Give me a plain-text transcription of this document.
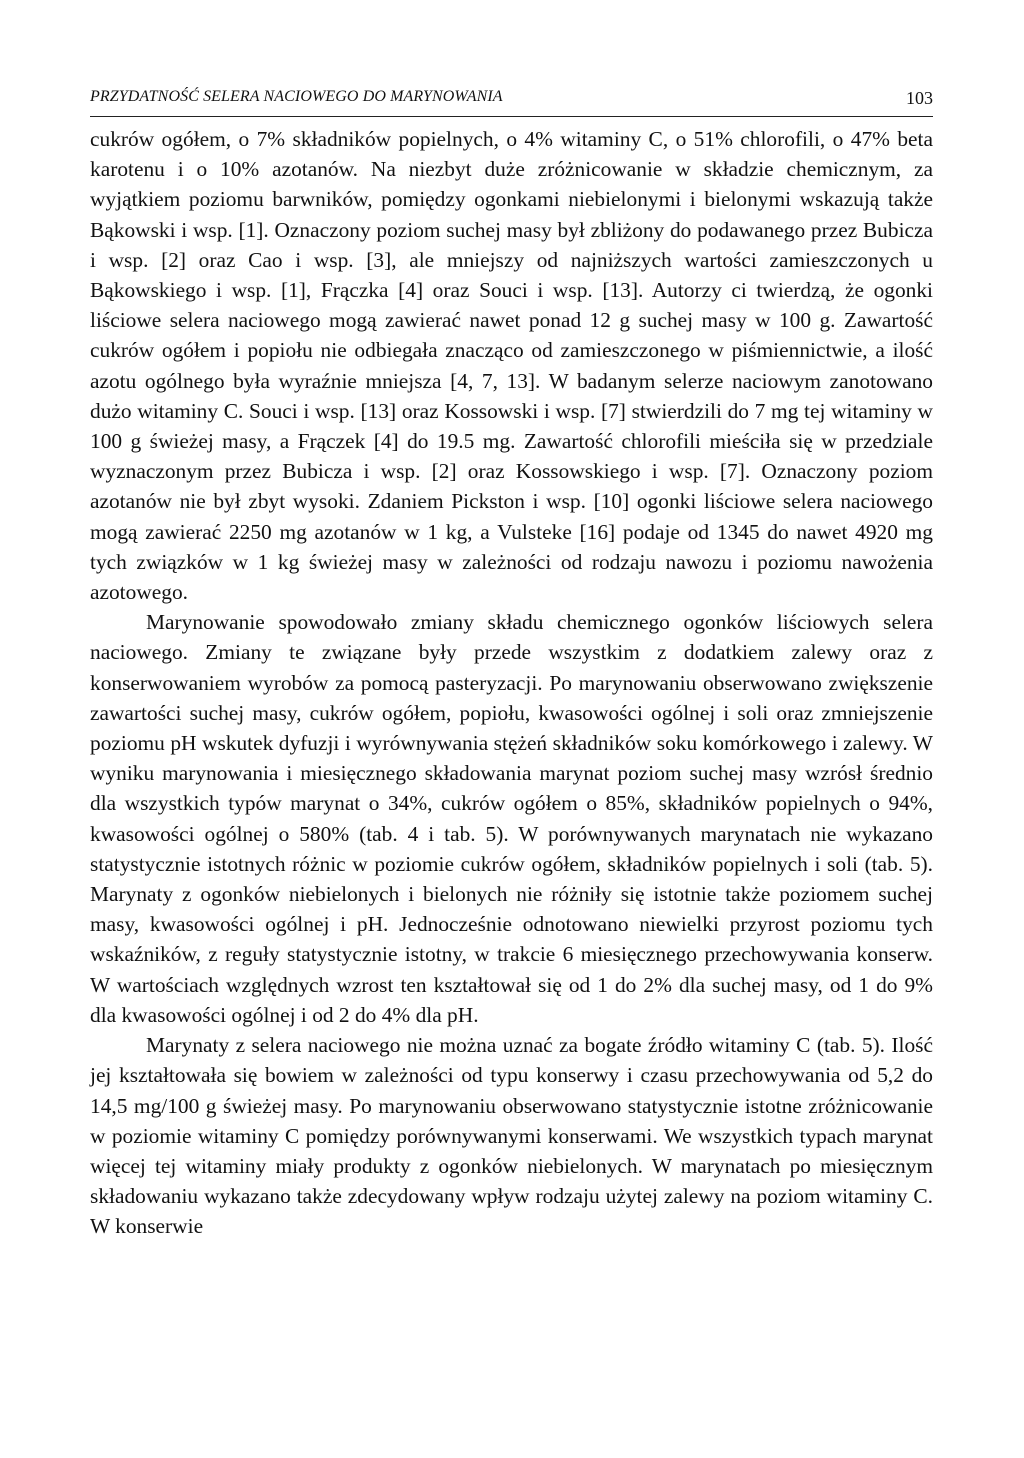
PRZYDATNOŚĆ SELERA NACIOWEGO DO MARYNOWANIA	103

cukrów ogółem, o 7% składników popielnych, o 4% witaminy C, o 51% chlorofili, o 47% beta karotenu i o 10% azotanów. Na niezbyt duże zróżnicowanie w składzie chemicznym, za wyjątkiem poziomu barwników, pomiędzy ogonkami niebielonymi i bielonymi wskazują także Bąkowski i wsp. [1]. Oznaczony poziom suchej masy był zbliżony do podawanego przez Bubicza i wsp. [2] oraz Cao i wsp. [3], ale mniejszy od najniższych wartości zamieszczonych u Bąkowskiego i wsp. [1], Frączka [4] oraz Souci i wsp. [13]. Autorzy ci twierdzą, że ogonki liściowe selera naciowego mogą zawierać nawet ponad 12 g suchej masy w 100 g. Zawartość cukrów ogółem i popiołu nie odbiegała znacząco od zamieszczonego w piśmiennictwie, a ilość azotu ogólnego była wyraźnie mniejsza [4, 7, 13]. W badanym selerze naciowym zanotowano dużo witaminy C. Souci i wsp. [13] oraz Kossowski i wsp. [7] stwierdzili do 7 mg tej witaminy w 100 g świeżej masy, a Frączek [4] do 19.5 mg. Zawartość chlorofili mieściła się w przedziale wyznaczonym przez Bubicza i wsp. [2] oraz Kossowskiego i wsp. [7]. Oznaczony poziom azotanów nie był zbyt wysoki. Zdaniem Pickston i wsp. [10] ogonki liściowe selera naciowego mogą zawierać 2250 mg azotanów w 1 kg, a Vulsteke [16] podaje od 1345 do nawet 4920 mg tych związków w 1 kg świeżej masy w zależności od rodzaju nawozu i poziomu nawożenia azotowego.

Marynowanie spowodowało zmiany składu chemicznego ogonków liściowych selera naciowego. Zmiany te związane były przede wszystkim z dodatkiem zalewy oraz z konserwowaniem wyrobów za pomocą pasteryzacji. Po marynowaniu obserwowano zwiększenie zawartości suchej masy, cukrów ogółem, popiołu, kwasowości ogólnej i soli oraz zmniejszenie poziomu pH wskutek dyfuzji i wyrównywania stężeń składników soku komórkowego i zalewy. W wyniku marynowania i miesięcznego składowania marynat poziom suchej masy wzrósł średnio dla wszystkich typów marynat o 34%, cukrów ogółem o 85%, składników popielnych o 94%, kwasowości ogólnej o 580% (tab. 4 i tab. 5). W porównywanych marynatach nie wykazano statystycznie istotnych różnic w poziomie cukrów ogółem, składników popielnych i soli (tab. 5). Marynaty z ogonków niebielonych i bielonych nie różniły się istotnie także poziomem suchej masy, kwasowości ogólnej i pH. Jednocześnie odnotowano niewielki przyrost poziomu tych wskaźników, z reguły statystycznie istotny, w trakcie 6 miesięcznego przechowywania konserw. W wartościach względnych wzrost ten kształtował się od 1 do 2% dla suchej masy, od 1 do 9% dla kwasowości ogólnej i od 2 do 4% dla pH.

Marynaty z selera naciowego nie można uznać za bogate źródło witaminy C (tab. 5). Ilość jej kształtowała się bowiem w zależności od typu konserwy i czasu przechowywania od 5,2 do 14,5 mg/100 g świeżej masy. Po marynowaniu obserwowano statystycznie istotne zróżnicowanie w poziomie witaminy C pomiędzy porównywanymi konserwami. We wszystkich typach marynat więcej tej witaminy miały produkty z ogonków niebielonych. W marynatach po miesięcznym składowaniu wykazano także zdecydowany wpływ rodzaju użytej zalewy na poziom witaminy C. W konserwie
